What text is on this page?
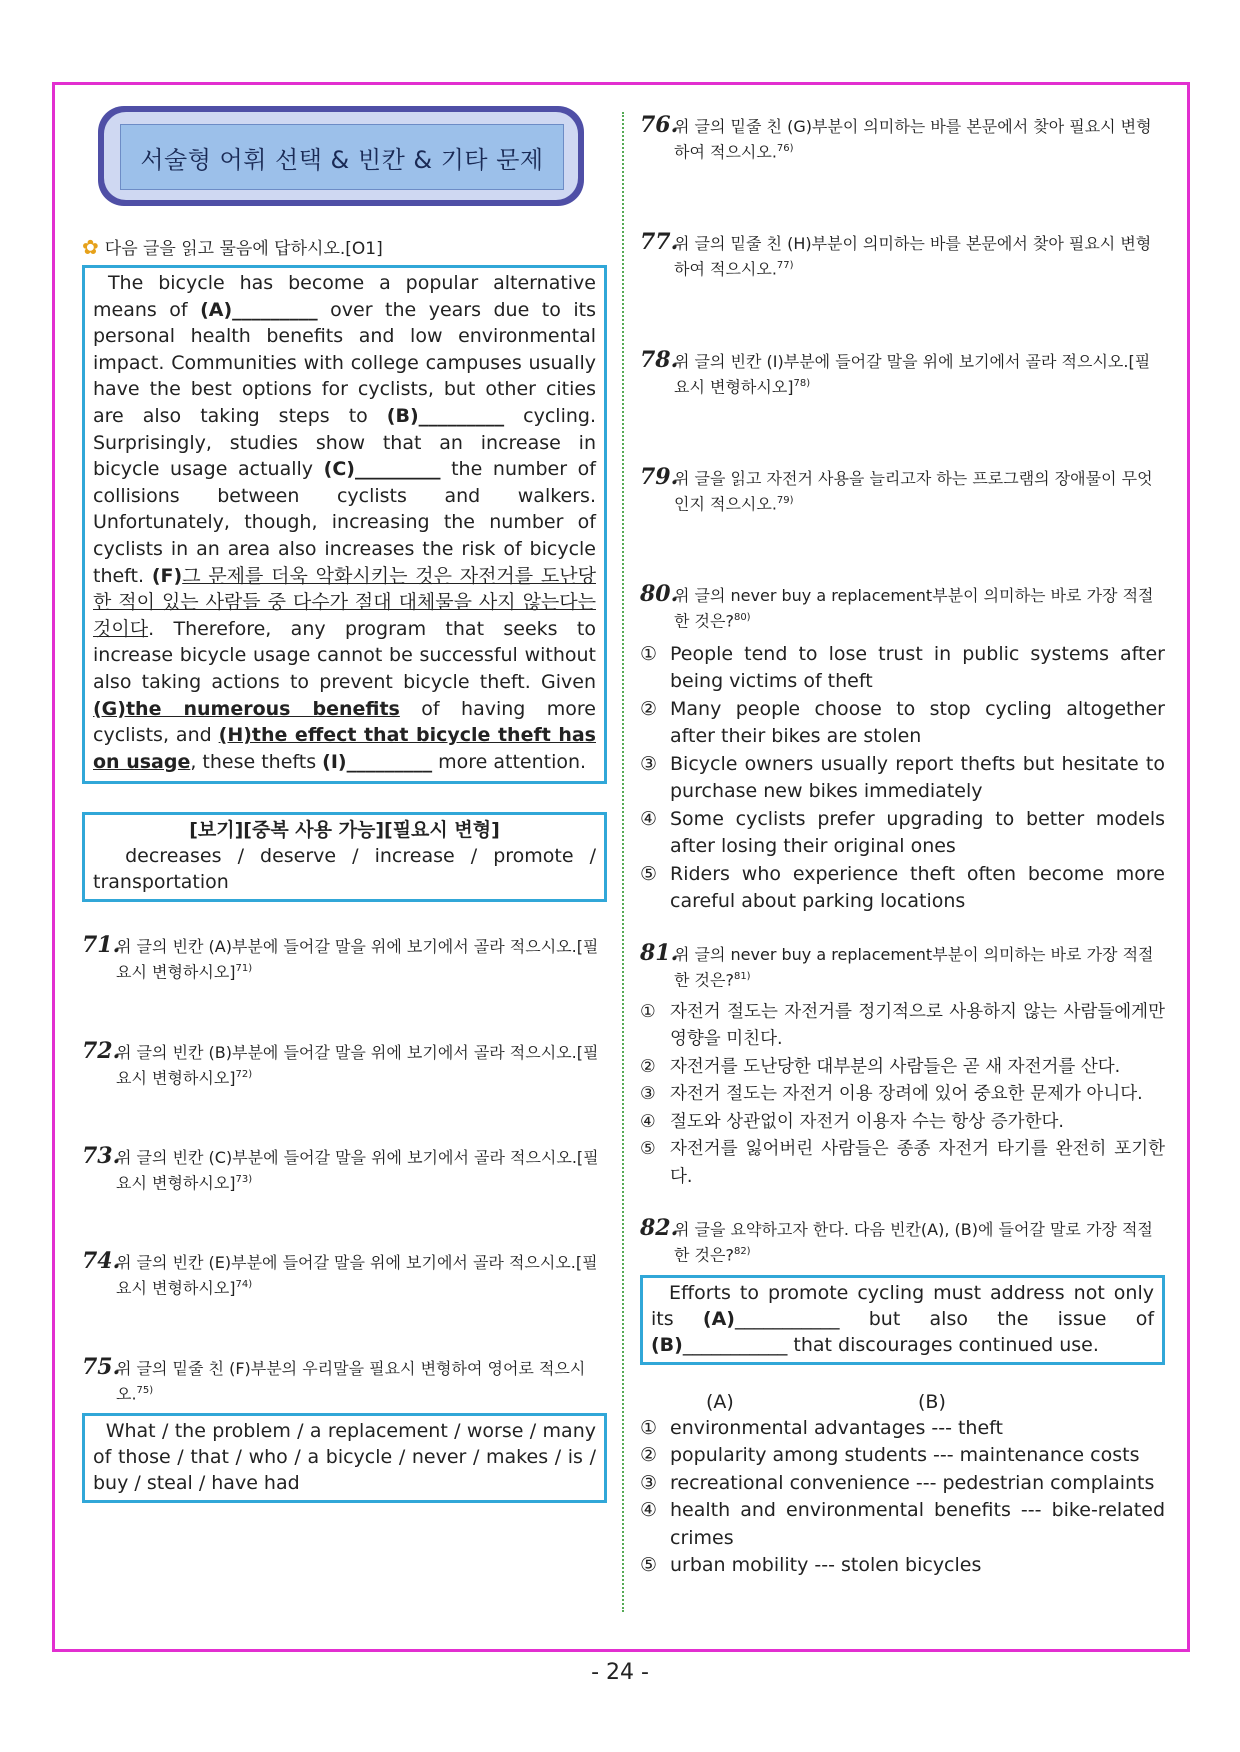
서술형 어휘 선택 & 빈칸 & 기타 문제
✿ 다음 글을 읽고 물음에 답하시오.[O1]
The bicycle has become a popular alternative means of (A)_________ over the years due to its personal health benefits and low environmental impact. Communities with college campuses usually have the best options for cyclists, but other cities are also taking steps to (B)_________ cycling. Surprisingly, studies show that an increase in bicycle usage actually (C)_________ the number of collisions between cyclists and walkers. Unfortunately, though, increasing the number of cyclists in an area also increases the risk of bicycle theft. (F)그 문제를 더욱 악화시키는 것은 자전거를 도난당한 적이 있는 사람들 중 다수가 절대 대체물을 사지 않는다는 것이다. Therefore, any program that seeks to increase bicycle usage cannot be successful without also taking actions to prevent bicycle theft. Given (G)the numerous benefits of having more cyclists, and (H)the effect that bicycle theft has on usage, these thefts (I)_________ more attention.
[보기][중복 사용 가능][필요시 변형]
decreases / deserve / increase / promote / transportation
71.
위 글의 빈칸 (A)부분에 들어갈 말을 위에 보기에서 골라 적으시오.[필요시 변형하시오]$^{71)}$
72.
위 글의 빈칸 (B)부분에 들어갈 말을 위에 보기에서 골라 적으시오.[필요시 변형하시오]$^{72)}$
73.
위 글의 빈칸 (C)부분에 들어갈 말을 위에 보기에서 골라 적으시오.[필요시 변형하시오]$^{73)}$
74.
위 글의 빈칸 (E)부분에 들어갈 말을 위에 보기에서 골라 적으시오.[필요시 변형하시오]$^{74)}$
75.
위 글의 밑줄 친 (F)부분의 우리말을 필요시 변형하여 영어로 적으시오.$^{75)}$
What / the problem / a replacement / worse / many of those / that / who / a bicycle / never / makes / is / buy / steal / have had
76.
위 글의 밑줄 친 (G)부분이 의미하는 바를 본문에서 찾아 필요시 변형하여 적으시오.$^{76)}$
77.
위 글의 밑줄 친 (H)부분이 의미하는 바를 본문에서 찾아 필요시 변형하여 적으시오.$^{77)}$
78.
위 글의 빈칸 (I)부분에 들어갈 말을 위에 보기에서 골라 적으시오.[필요시 변형하시오]$^{78)}$
79.
위 글을 읽고 자전거 사용을 늘리고자 하는 프로그램의 장애물이 무엇인지 적으시오.$^{79)}$
80.
위 글의 never buy a replacement부분이 의미하는 바로 가장 적절한 것은?$^{80)}$
① People tend to lose trust in public systems after being victims of theft
② Many people choose to stop cycling altogether after their bikes are stolen
③ Bicycle owners usually report thefts but hesitate to purchase new bikes immediately
④ Some cyclists prefer upgrading to better models after losing their original ones
⑤ Riders who experience theft often become more careful about parking locations
81.
위 글의 never buy a replacement부분이 의미하는 바로 가장 적절한 것은?$^{81)}$
① 자전거 절도는 자전거를 정기적으로 사용하지 않는 사람들에게만 영향을 미친다.
② 자전거를 도난당한 대부분의 사람들은 곧 새 자전거를 산다.
③ 자전거 절도는 자전거 이용 장려에 있어 중요한 문제가 아니다.
④ 절도와 상관없이 자전거 이용자 수는 항상 증가한다.
⑤ 자전거를 잃어버린 사람들은 종종 자전거 타기를 완전히 포기한다.
82.
위 글을 요약하고자 한다. 다음 빈칸(A), (B)에 들어갈 말로 가장 적절한 것은?$^{82)}$
Efforts to promote cycling must address not only its (A)___________ but also the issue of (B)___________ that discourages continued use.
(A)	(B)
① environmental advantages --- theft
② popularity among students --- maintenance costs
③ recreational convenience --- pedestrian complaints
④ health and environmental benefits --- bike-related crimes
⑤ urban mobility --- stolen bicycles
- 24 -
